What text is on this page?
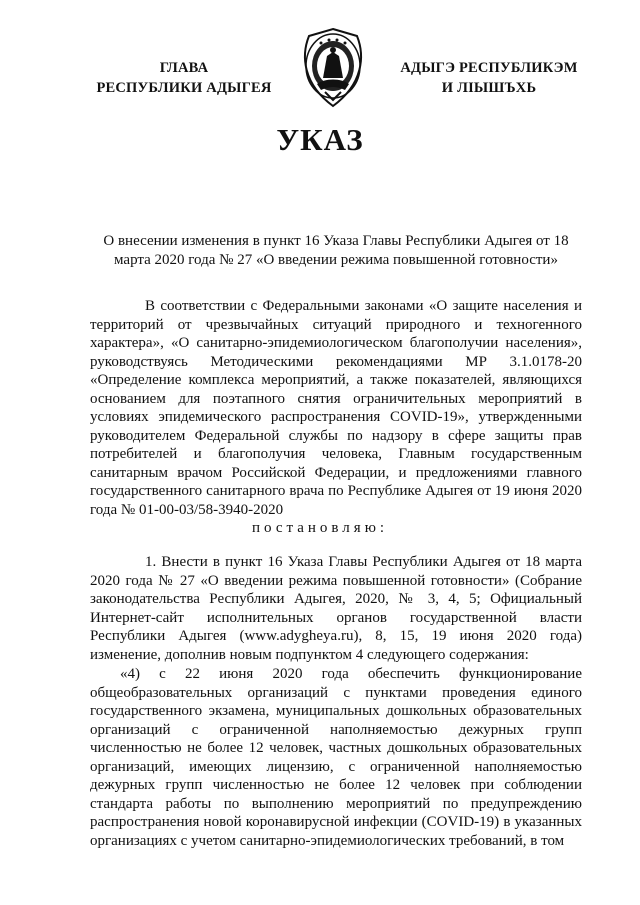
ГЛАВА
РЕСПУБЛИКИ АДЫГЕЯ
АДЫГЭ РЕСПУБЛИКЭМ
И ЛІЫШЪХЬ
УКАЗ
О внесении изменения в пункт 16 Указа Главы Республики Адыгея от 18 марта 2020 года № 27 «О введении режима повышенной готовности»

В соответствии с Федеральными законами «О защите населения и территорий от чрезвычайных ситуаций природного и техногенного характера», «О санитарно-эпидемиологическом благополучии населения», руководствуясь Методическими рекомендациями МР 3.1.0178-20 «Определение комплекса мероприятий, а также показателей, являющихся основанием для поэтапного снятия ограничительных мероприятий в условиях эпидемического распространения COVID-19», утвержденными руководителем Федеральной службы по надзору в сфере защиты прав потребителей и благополучия человека, Главным государственным санитарным врачом Российской Федерации, и предложениями главного государственного санитарного врача по Республике Адыгея от 19 июня 2020 года № 01-00-03/58-3940-2020

постановляю:

1. Внести в пункт 16 Указа Главы Республики Адыгея от 18 марта 2020 года № 27 «О введении режима повышенной готовности» (Собрание законодательства Республики Адыгея, 2020, № 3, 4, 5; Официальный Интернет-сайт исполнительных органов государственной власти Республики Адыгея (www.adygheya.ru), 8, 15, 19 июня 2020 года) изменение, дополнив новым подпунктом 4 следующего содержания:

«4) с 22 июня 2020 года обеспечить функционирование общеобразовательных организаций с пунктами проведения единого государственного экзамена, муниципальных дошкольных образовательных организаций с ограниченной наполняемостью дежурных групп численностью не более 12 человек, частных дошкольных образовательных организаций, имеющих лицензию, с ограниченной наполняемостью дежурных групп численностью не более 12 человек при соблюдении стандарта работы по выполнению мероприятий по предупреждению распространения новой коронавирусной инфекции (COVID-19) в указанных организациях с учетом санитарно-эпидемиологических требований, в том
